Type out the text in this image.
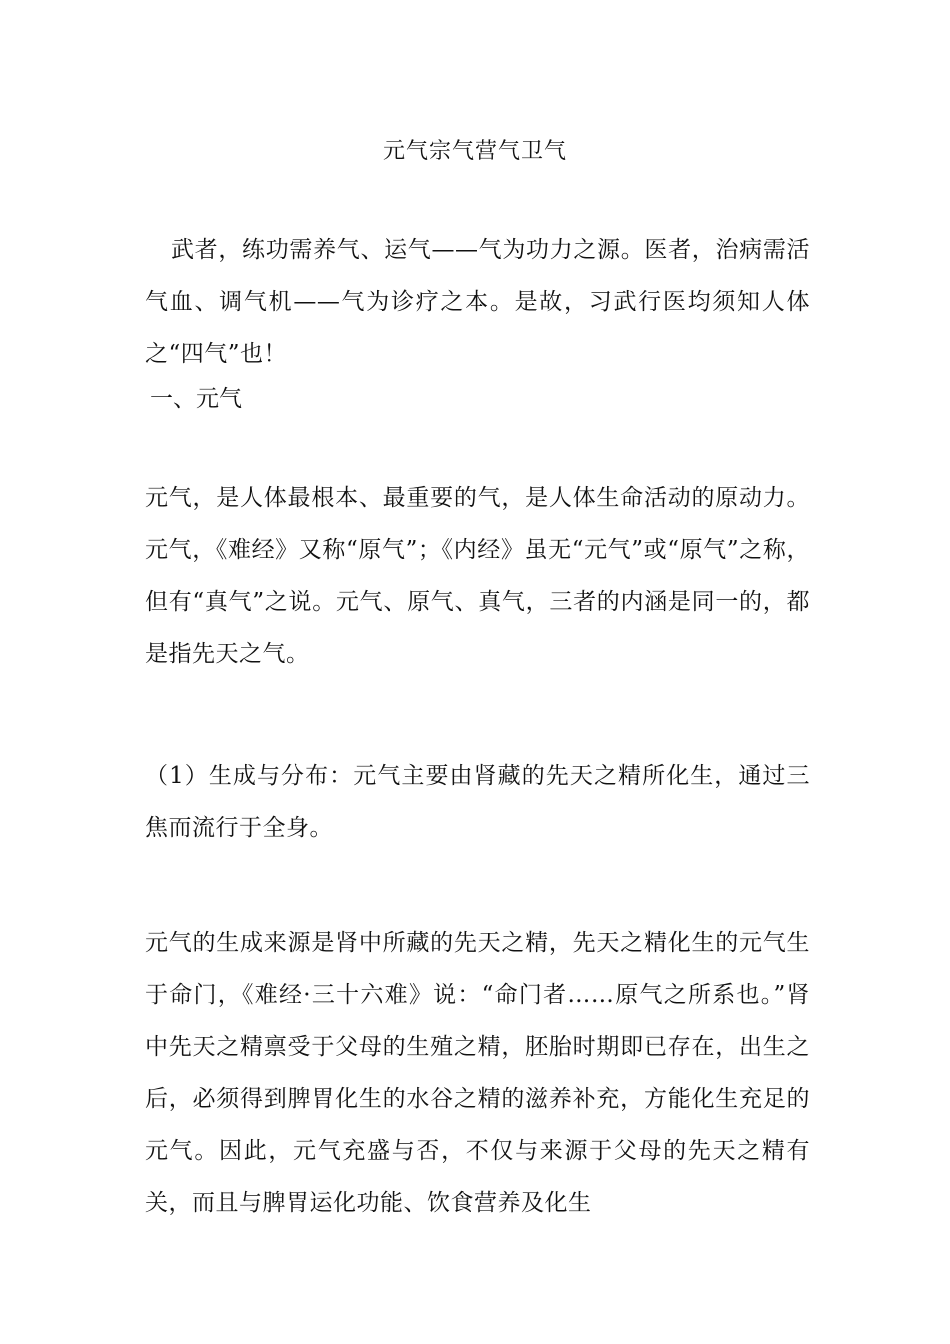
元气宗气营气卫气
武者，练功需养气、运气——气为功力之源。医者，治病需活气血、调气机——气为诊疗之本。是故，习武行医均须知人体之“四气”也！
一、元气
元气，是人体最根本、最重要的气，是人体生命活动的原动力。元气，《难经》又称“原气”；《内经》虽无“元气”或“原气”之称，但有“真气”之说。元气、原气、真气，三者的内涵是同一的，都是指先天之气。
（1）生成与分布：元气主要由肾藏的先天之精所化生，通过三焦而流行于全身。
元气的生成来源是肾中所藏的先天之精，先天之精化生的元气生于命门，《难经·三十六难》说：“命门者……原气之所系也。”肾中先天之精禀受于父母的生殖之精，胚胎时期即已存在，出生之后，必须得到脾胃化生的水谷之精的滋养补充，方能化生充足的元气。因此，元气充盛与否，不仅与来源于父母的先天之精有关，而且与脾胃运化功能、饮食营养及化生
